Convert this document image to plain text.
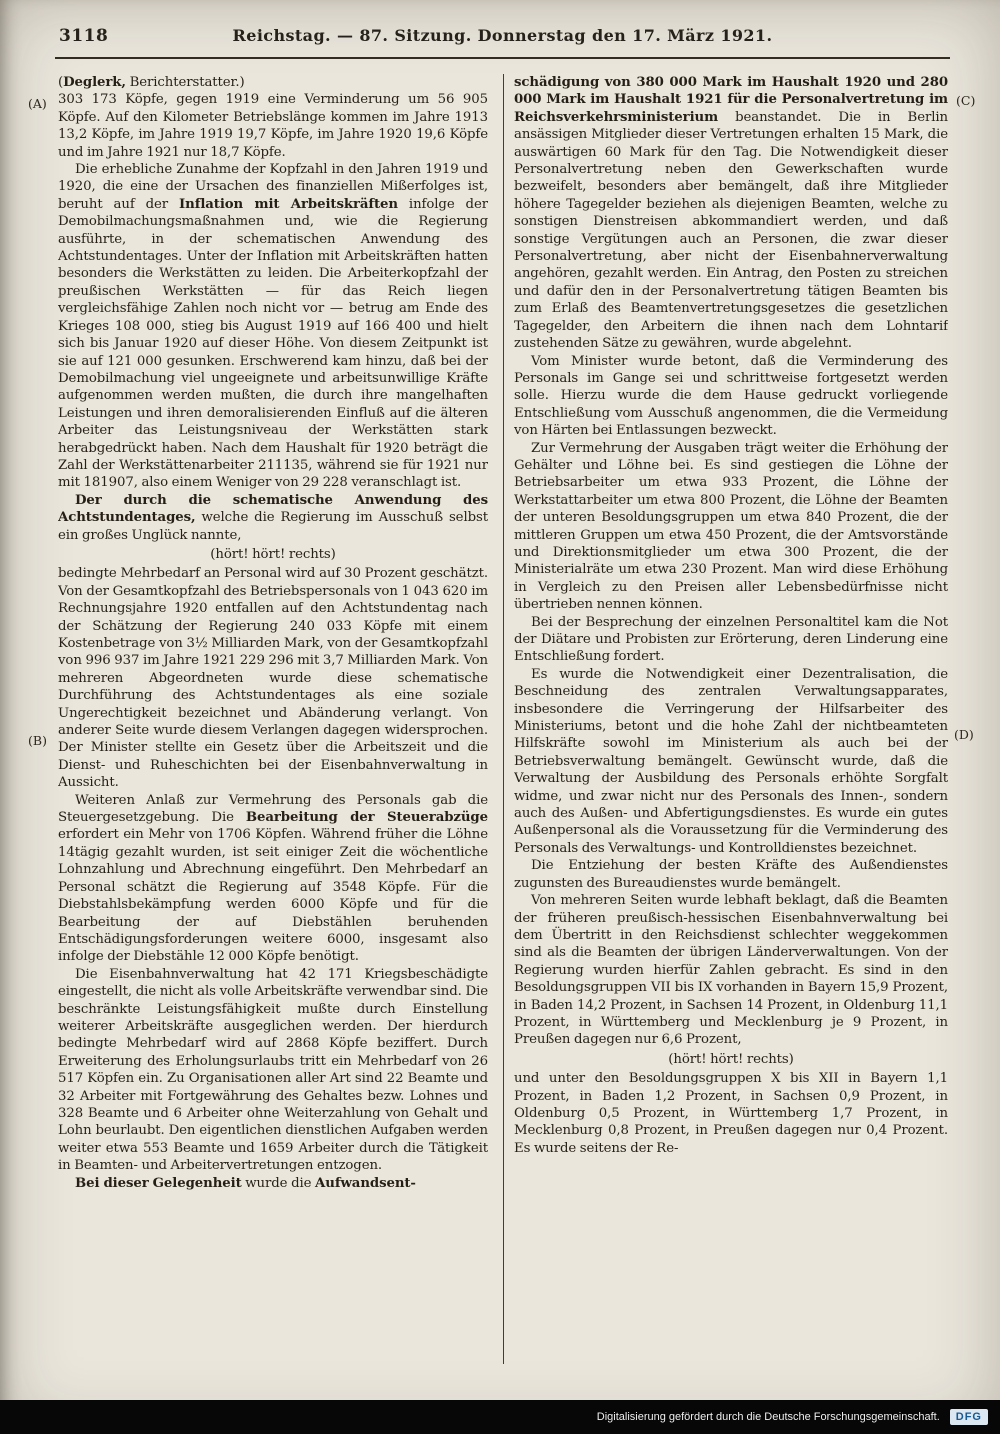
3118	Reichstag. — 87. Sitzung. Donnerstag den 17. März 1921.
(A)
(B)
(C)
(D)

(Deglerk, Berichterstatter.)

303 173 Köpfe, gegen 1919 eine Verminderung um 56 905 Köpfe. Auf den Kilometer Betriebslänge kommen im Jahre 1913 13,2 Köpfe, im Jahre 1919 19,7 Köpfe, im Jahre 1920 19,6 Köpfe und im Jahre 1921 nur 18,7 Köpfe.

Die erhebliche Zunahme der Kopfzahl in den Jahren 1919 und 1920, die eine der Ursachen des finanziellen Mißerfolges ist, beruht auf der Inflation mit Arbeitskräften infolge der Demobilmachungsmaßnahmen und, wie die Regierung ausführte, in der schematischen Anwendung des Achtstundentages. Unter der Inflation mit Arbeitskräften hatten besonders die Werkstätten zu leiden. Die Arbeiterkopfzahl der preußischen Werkstätten — für das Reich liegen vergleichsfähige Zahlen noch nicht vor — betrug am Ende des Krieges 108 000, stieg bis August 1919 auf 166 400 und hielt sich bis Januar 1920 auf dieser Höhe. Von diesem Zeitpunkt ist sie auf 121 000 gesunken. Erschwerend kam hinzu, daß bei der Demobilmachung viel ungeeignete und arbeitsunwillige Kräfte aufgenommen werden mußten, die durch ihre mangelhaften Leistungen und ihren demoralisierenden Einfluß auf die älteren Arbeiter das Leistungsniveau der Werkstätten stark herabgedrückt haben. Nach dem Haushalt für 1920 beträgt die Zahl der Werkstättenarbeiter 211135, während sie für 1921 nur mit 181907, also einem Weniger von 29 228 veranschlagt ist.

Der durch die schematische Anwendung des Achtstundentages, welche die Regierung im Ausschuß selbst ein großes Unglück nannte,

(hört! hört! rechts)

bedingte Mehrbedarf an Personal wird auf 30 Prozent geschätzt. Von der Gesamtkopfzahl des Betriebspersonals von 1 043 620 im Rechnungsjahre 1920 entfallen auf den Achtstundentag nach der Schätzung der Regierung 240 033 Köpfe mit einem Kostenbetrage von 3½ Milliarden Mark, von der Gesamtkopfzahl von 996 937 im Jahre 1921 229 296 mit 3,7 Milliarden Mark. Von mehreren Abgeordneten wurde diese schematische Durchführung des Achtstundentages als eine soziale Ungerechtigkeit bezeichnet und Abänderung verlangt. Von anderer Seite wurde diesem Verlangen dagegen widersprochen. Der Minister stellte ein Gesetz über die Arbeitszeit und die Dienst- und Ruheschichten bei der Eisenbahnverwaltung in Aussicht.

Weiteren Anlaß zur Vermehrung des Personals gab die Steuergesetzgebung. Die Bearbeitung der Steuerabzüge erfordert ein Mehr von 1706 Köpfen. Während früher die Löhne 14tägig gezahlt wurden, ist seit einiger Zeit die wöchentliche Lohnzahlung und Abrechnung eingeführt. Den Mehrbedarf an Personal schätzt die Regierung auf 3548 Köpfe. Für die Diebstahlsbekämpfung werden 6000 Köpfe und für die Bearbeitung der auf Diebstählen beruhenden Entschädigungsforderungen weitere 6000, insgesamt also infolge der Diebstähle 12 000 Köpfe benötigt.

Die Eisenbahnverwaltung hat 42 171 Kriegsbeschädigte eingestellt, die nicht als volle Arbeitskräfte verwendbar sind. Die beschränkte Leistungsfähigkeit mußte durch Einstellung weiterer Arbeitskräfte ausgeglichen werden. Der hierdurch bedingte Mehrbedarf wird auf 2868 Köpfe beziffert. Durch Erweiterung des Erholungsurlaubs tritt ein Mehrbedarf von 26 517 Köpfen ein. Zu Organisationen aller Art sind 22 Beamte und 32 Arbeiter mit Fortgewährung des Gehaltes bezw. Lohnes und 328 Beamte und 6 Arbeiter ohne Weiterzahlung von Gehalt und Lohn beurlaubt. Den eigentlichen dienstlichen Aufgaben werden weiter etwa 553 Beamte und 1659 Arbeiter durch die Tätigkeit in Beamten- und Arbeitervertretungen entzogen.

Bei dieser Gelegenheit wurde die Aufwandsent-

schädigung von 380 000 Mark im Haushalt 1920 und 280 000 Mark im Haushalt 1921 für die Personalvertretung im Reichsverkehrsministerium beanstandet. Die in Berlin ansässigen Mitglieder dieser Vertretungen erhalten 15 Mark, die auswärtigen 60 Mark für den Tag. Die Notwendigkeit dieser Personalvertretung neben den Gewerkschaften wurde bezweifelt, besonders aber bemängelt, daß ihre Mitglieder höhere Tagegelder beziehen als diejenigen Beamten, welche zu sonstigen Dienstreisen abkommandiert werden, und daß sonstige Vergütungen auch an Personen, die zwar dieser Personalvertretung, aber nicht der Eisenbahnerverwaltung angehören, gezahlt werden. Ein Antrag, den Posten zu streichen und dafür den in der Personalvertretung tätigen Beamten bis zum Erlaß des Beamtenvertretungsgesetzes die gesetzlichen Tagegelder, den Arbeitern die ihnen nach dem Lohntarif zustehenden Sätze zu gewähren, wurde abgelehnt.

Vom Minister wurde betont, daß die Verminderung des Personals im Gange sei und schrittweise fortgesetzt werden solle. Hierzu wurde die dem Hause gedruckt vorliegende Entschließung vom Ausschuß angenommen, die die Vermeidung von Härten bei Entlassungen bezweckt.

Zur Vermehrung der Ausgaben trägt weiter die Erhöhung der Gehälter und Löhne bei. Es sind gestiegen die Löhne der Betriebsarbeiter um etwa 933 Prozent, die Löhne der Werkstattarbeiter um etwa 800 Prozent, die Löhne der Beamten der unteren Besoldungsgruppen um etwa 840 Prozent, die der mittleren Gruppen um etwa 450 Prozent, die der Amtsvorstände und Direktionsmitglieder um etwa 300 Prozent, die der Ministerialräte um etwa 230 Prozent. Man wird diese Erhöhung in Vergleich zu den Preisen aller Lebensbedürfnisse nicht übertrieben nennen können.

Bei der Besprechung der einzelnen Personaltitel kam die Not der Diätare und Probisten zur Erörterung, deren Linderung eine Entschließung fordert.

Es wurde die Notwendigkeit einer Dezentralisation, die Beschneidung des zentralen Verwaltungsapparates, insbesondere die Verringerung der Hilfsarbeiter des Ministeriums, betont und die hohe Zahl der nichtbeamteten Hilfskräfte sowohl im Ministerium als auch bei der Betriebsverwaltung bemängelt. Gewünscht wurde, daß die Verwaltung der Ausbildung des Personals erhöhte Sorgfalt widme, und zwar nicht nur des Personals des Innen-, sondern auch des Außen- und Abfertigungsdienstes. Es wurde ein gutes Außenpersonal als die Voraussetzung für die Verminderung des Personals des Verwaltungs- und Kontrolldienstes bezeichnet.

Die Entziehung der besten Kräfte des Außendienstes zugunsten des Bureaudienstes wurde bemängelt.

Von mehreren Seiten wurde lebhaft beklagt, daß die Beamten der früheren preußisch-hessischen Eisenbahnverwaltung bei dem Übertritt in den Reichsdienst schlechter weggekommen sind als die Beamten der übrigen Länderverwaltungen. Von der Regierung wurden hierfür Zahlen gebracht. Es sind in den Besoldungsgruppen VII bis IX vorhanden in Bayern 15,9 Prozent, in Baden 14,2 Prozent, in Sachsen 14 Prozent, in Oldenburg 11,1 Prozent, in Württemberg und Mecklenburg je 9 Prozent, in Preußen dagegen nur 6,6 Prozent,

(hört! hört! rechts)

und unter den Besoldungsgruppen X bis XII in Bayern 1,1 Prozent, in Baden 1,2 Prozent, in Sachsen 0,9 Prozent, in Oldenburg 0,5 Prozent, in Württemberg 1,7 Prozent, in Mecklenburg 0,8 Prozent, in Preußen dagegen nur 0,4 Prozent. Es wurde seitens der Re-

Digitalisierung gefördert durch die Deutsche Forschungsgemeinschaft.	DFG
